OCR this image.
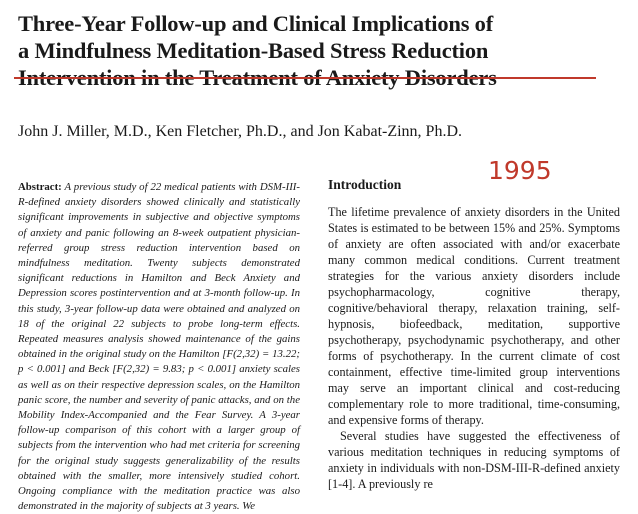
Three-Year Follow-up and Clinical Implications of
a Mindfulness Meditation-Based Stress Reduction
Intervention in the Treatment of Anxiety Disorders

John J. Miller, M.D., Ken Fletcher, Ph.D., and Jon Kabat-Zinn, Ph.D.

1995

Abstract: A previous study of 22 medical patients with DSM-III-R-defined anxiety disorders showed clinically and statistically significant improvements in subjective and objective symptoms of anxiety and panic following an 8-week outpatient physician-referred group stress reduction intervention based on mindfulness meditation. Twenty subjects demonstrated significant reductions in Hamilton and Beck Anxiety and Depression scores postintervention and at 3-month follow-up. In this study, 3-year follow-up data were obtained and analyzed on 18 of the original 22 subjects to probe long-term effects. Repeated measures analysis showed maintenance of the gains obtained in the original study on the Hamilton [F(2,32) = 13.22; p < 0.001] and Beck [F(2,32) = 9.83; p < 0.001] anxiety scales as well as on their respective depression scales, on the Hamilton panic score, the number and severity of panic attacks, and on the Mobility Index-Accompanied and the Fear Survey. A 3-year follow-up comparison of this cohort with a larger group of subjects from the intervention who had met criteria for screening for the original study suggests generalizability of the results obtained with the smaller, more intensively studied cohort. Ongoing compliance with the meditation practice was also demonstrated in the majority of subjects at 3 years. We

Introduction

The lifetime prevalence of anxiety disorders in the United States is estimated to be between 15% and 25%. Symptoms of anxiety are often associated with and/or exacerbate many common medical conditions. Current treatment strategies for the various anxiety disorders include psychopharmacology, cognitive therapy, cognitive/behavioral therapy, relaxation training, self-hypnosis, biofeedback, meditation, supportive psychotherapy, psychodynamic psychotherapy, and other forms of psychotherapy. In the current climate of cost containment, effective time-limited group interventions may serve an important clinical and cost-reducing complementary role to more traditional, time-consuming, and expensive forms of therapy.

Several studies have suggested the effectiveness of various meditation techniques in reducing symptoms of anxiety in individuals with non-DSM-III-R-defined anxiety [1-4]. A previously re
